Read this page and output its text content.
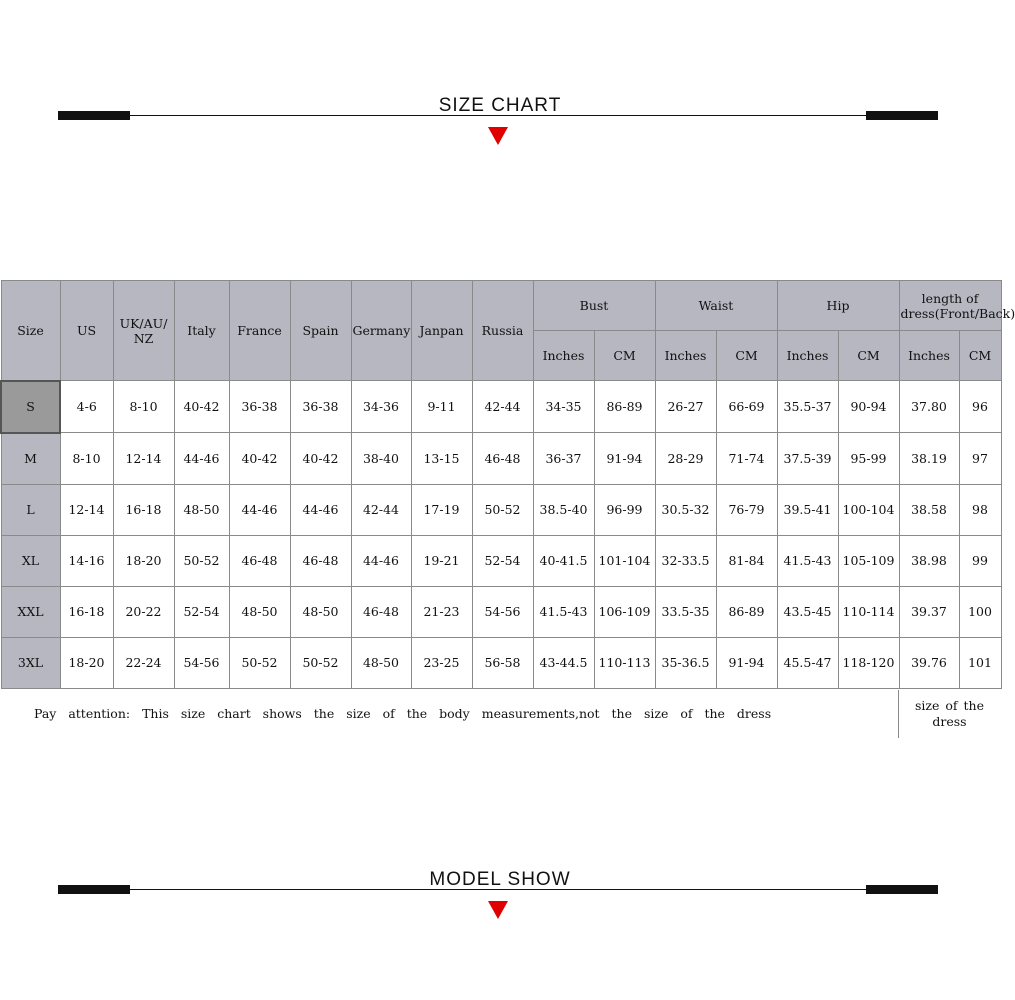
SIZE CHART
Size	US	UK/AU/NZ	Italy	France	Spain	Germany	Janpan	Russia	Bust		Waist		Hip		length of dress(Front/Back)	
									Inches	CM	Inches	CM	Inches	CM	Inches	CM
S	4-6	8-10	40-42	36-38	36-38	34-36	9-11	42-44	34-35	86-89	26-27	66-69	35.5-37	90-94	37.80	96
M	8-10	12-14	44-46	40-42	40-42	38-40	13-15	46-48	36-37	91-94	28-29	71-74	37.5-39	95-99	38.19	97
L	12-14	16-18	48-50	44-46	44-46	42-44	17-19	50-52	38.5-40	96-99	30.5-32	76-79	39.5-41	100-104	38.58	98
XL	14-16	18-20	50-52	46-48	46-48	44-46	19-21	52-54	40-41.5	101-104	32-33.5	81-84	41.5-43	105-109	38.98	99
XXL	16-18	20-22	52-54	48-50	48-50	46-48	21-23	54-56	41.5-43	106-109	33.5-35	86-89	43.5-45	110-114	39.37	100
3XL	18-20	22-24	54-56	50-52	50-52	48-50	23-25	56-58	43-44.5	110-113	35-36.5	91-94	45.5-47	118-120	39.76	101
Pay attention: This size chart shows the size of the body measurements,not the size of the dress
size of the dress
MODEL SHOW
